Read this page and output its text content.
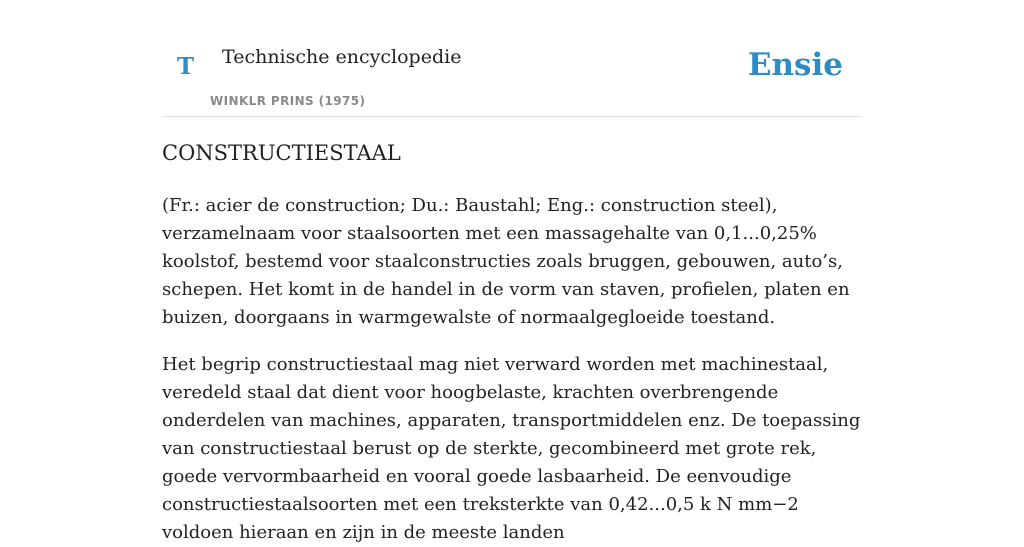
T Technische encyclopedie
WINKLR PRINS (1975)
Ensie
CONSTRUCTIESTAAL

(Fr.: acier de construction; Du.: Baustahl; Eng.: construction steel), verzamelnaam voor staalsoorten met een massagehalte van 0,1...0,25% koolstof, bestemd voor staalconstructies zoals bruggen, gebouwen, auto’s, schepen. Het komt in de handel in de vorm van staven, profielen, platen en buizen, doorgaans in warmgewalste of normaalgegloeide toestand.

Het begrip constructiestaal mag niet verward worden met machinestaal, veredeld staal dat dient voor hoogbelaste, krachten overbrengende onderdelen van machines, apparaten, transportmiddelen enz. De toepassing van constructiestaal berust op de sterkte, gecombineerd met grote rek, goede vervormbaarheid en vooral goede lasbaarheid. De eenvoudige constructiestaalsoorten met een treksterkte van 0,42...0,5 k N mm−2 voldoen hieraan en zijn in de meeste landen
